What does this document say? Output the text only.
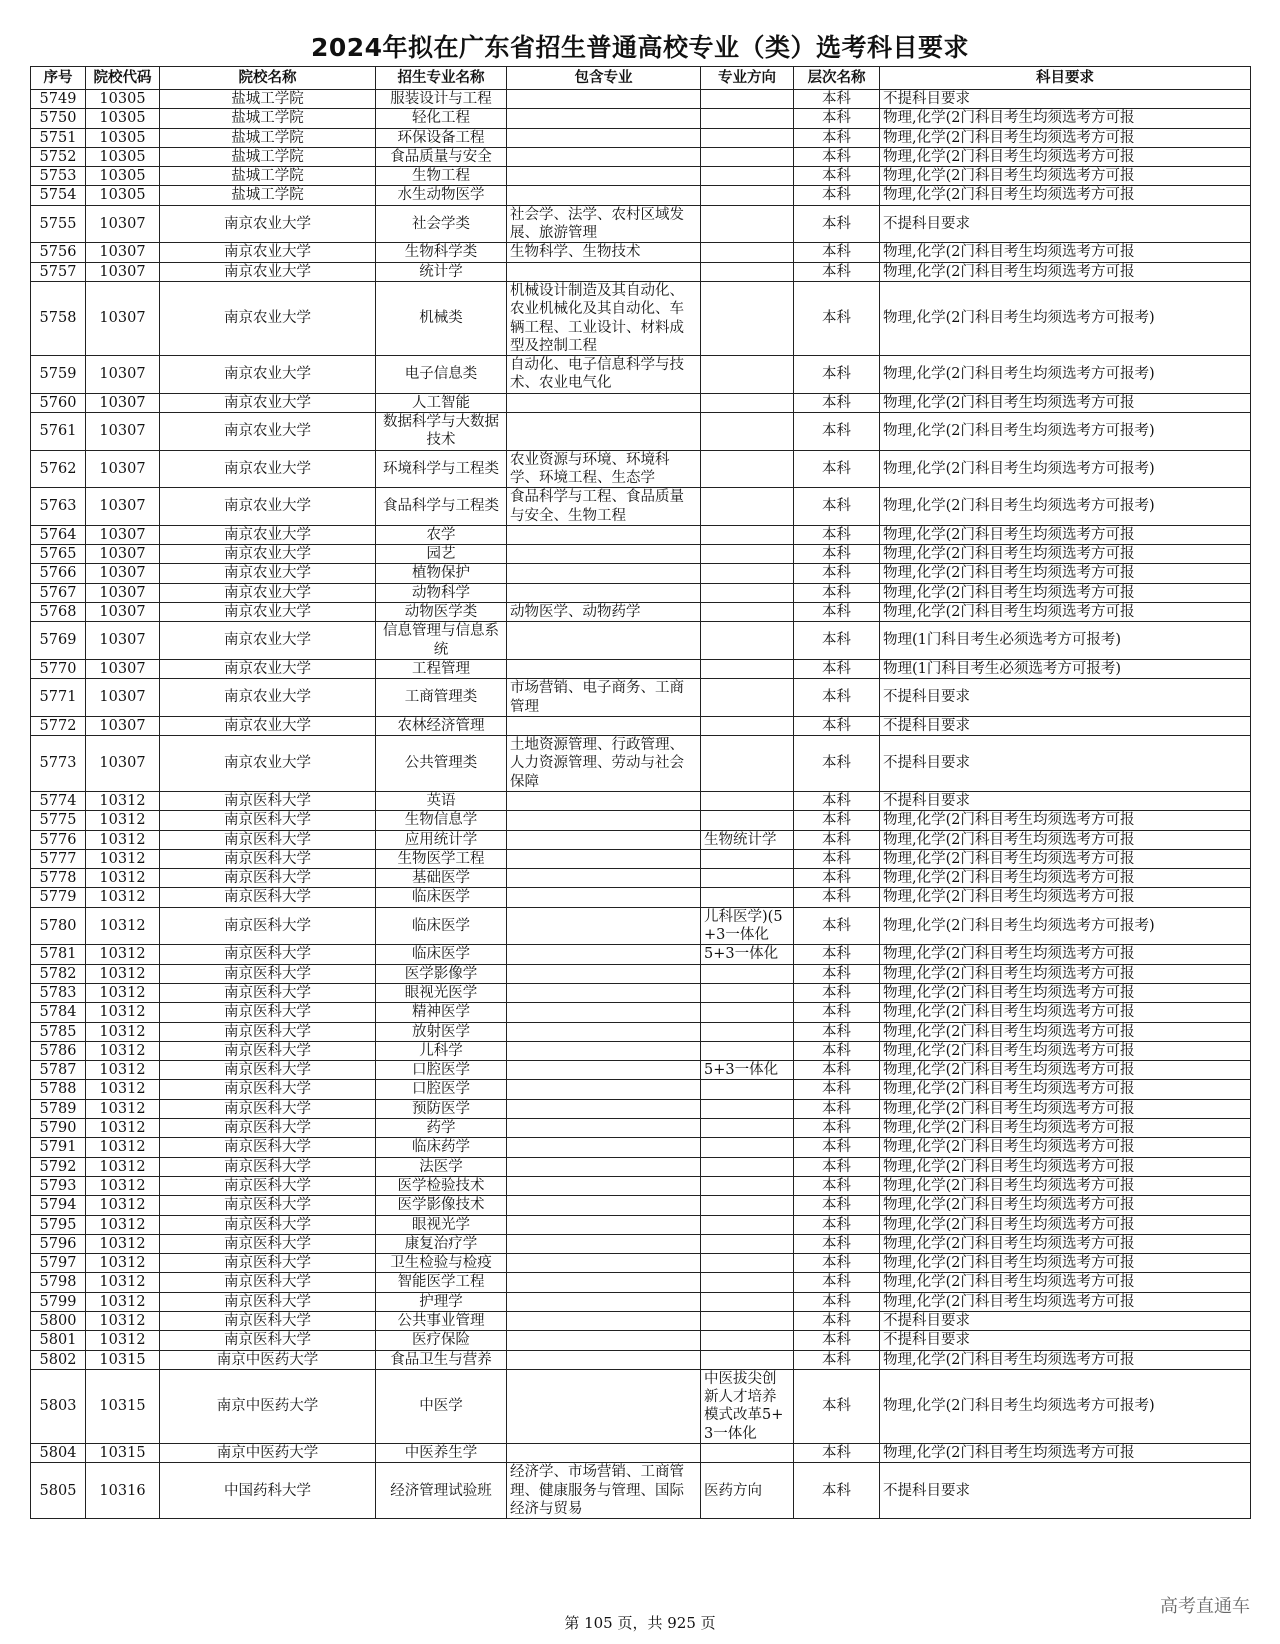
2024年拟在广东省招生普通高校专业（类）选考科目要求
序号	院校代码	院校名称	招生专业名称	包含专业	专业方向	层次名称	科目要求
5749	10305	盐城工学院	服装设计与工程			本科	不提科目要求
5750	10305	盐城工学院	轻化工程			本科	物理,化学(2门科目考生均须选考方可报
5751	10305	盐城工学院	环保设备工程			本科	物理,化学(2门科目考生均须选考方可报
5752	10305	盐城工学院	食品质量与安全			本科	物理,化学(2门科目考生均须选考方可报
5753	10305	盐城工学院	生物工程			本科	物理,化学(2门科目考生均须选考方可报
5754	10305	盐城工学院	水生动物医学			本科	物理,化学(2门科目考生均须选考方可报
5755	10307	南京农业大学	社会学类	社会学、法学、农村区域发展、旅游管理		本科	不提科目要求
5756	10307	南京农业大学	生物科学类	生物科学、生物技术		本科	物理,化学(2门科目考生均须选考方可报
5757	10307	南京农业大学	统计学			本科	物理,化学(2门科目考生均须选考方可报
5758	10307	南京农业大学	机械类	机械设计制造及其自动化、农业机械化及其自动化、车辆工程、工业设计、材料成型及控制工程		本科	物理,化学(2门科目考生均须选考方可报考)
5759	10307	南京农业大学	电子信息类	自动化、电子信息科学与技术、农业电气化		本科	物理,化学(2门科目考生均须选考方可报考)
5760	10307	南京农业大学	人工智能			本科	物理,化学(2门科目考生均须选考方可报
5761	10307	南京农业大学	数据科学与大数据技术			本科	物理,化学(2门科目考生均须选考方可报考)
5762	10307	南京农业大学	环境科学与工程类	农业资源与环境、环境科学、环境工程、生态学		本科	物理,化学(2门科目考生均须选考方可报考)
5763	10307	南京农业大学	食品科学与工程类	食品科学与工程、食品质量与安全、生物工程		本科	物理,化学(2门科目考生均须选考方可报考)
5764	10307	南京农业大学	农学			本科	物理,化学(2门科目考生均须选考方可报
5765	10307	南京农业大学	园艺			本科	物理,化学(2门科目考生均须选考方可报
5766	10307	南京农业大学	植物保护			本科	物理,化学(2门科目考生均须选考方可报
5767	10307	南京农业大学	动物科学			本科	物理,化学(2门科目考生均须选考方可报
5768	10307	南京农业大学	动物医学类	动物医学、动物药学		本科	物理,化学(2门科目考生均须选考方可报
5769	10307	南京农业大学	信息管理与信息系统			本科	物理(1门科目考生必须选考方可报考)
5770	10307	南京农业大学	工程管理			本科	物理(1门科目考生必须选考方可报考)
5771	10307	南京农业大学	工商管理类	市场营销、电子商务、工商管理		本科	不提科目要求
5772	10307	南京农业大学	农林经济管理			本科	不提科目要求
5773	10307	南京农业大学	公共管理类	土地资源管理、行政管理、人力资源管理、劳动与社会保障		本科	不提科目要求
5774	10312	南京医科大学	英语			本科	不提科目要求
5775	10312	南京医科大学	生物信息学			本科	物理,化学(2门科目考生均须选考方可报
5776	10312	南京医科大学	应用统计学		生物统计学	本科	物理,化学(2门科目考生均须选考方可报
5777	10312	南京医科大学	生物医学工程			本科	物理,化学(2门科目考生均须选考方可报
5778	10312	南京医科大学	基础医学			本科	物理,化学(2门科目考生均须选考方可报
5779	10312	南京医科大学	临床医学			本科	物理,化学(2门科目考生均须选考方可报
5780	10312	南京医科大学	临床医学		儿科医学)(5+3一体化	本科	物理,化学(2门科目考生均须选考方可报考)
5781	10312	南京医科大学	临床医学		5+3一体化	本科	物理,化学(2门科目考生均须选考方可报
5782	10312	南京医科大学	医学影像学			本科	物理,化学(2门科目考生均须选考方可报
5783	10312	南京医科大学	眼视光医学			本科	物理,化学(2门科目考生均须选考方可报
5784	10312	南京医科大学	精神医学			本科	物理,化学(2门科目考生均须选考方可报
5785	10312	南京医科大学	放射医学			本科	物理,化学(2门科目考生均须选考方可报
5786	10312	南京医科大学	儿科学			本科	物理,化学(2门科目考生均须选考方可报
5787	10312	南京医科大学	口腔医学		5+3一体化	本科	物理,化学(2门科目考生均须选考方可报
5788	10312	南京医科大学	口腔医学			本科	物理,化学(2门科目考生均须选考方可报
5789	10312	南京医科大学	预防医学			本科	物理,化学(2门科目考生均须选考方可报
5790	10312	南京医科大学	药学			本科	物理,化学(2门科目考生均须选考方可报
5791	10312	南京医科大学	临床药学			本科	物理,化学(2门科目考生均须选考方可报
5792	10312	南京医科大学	法医学			本科	物理,化学(2门科目考生均须选考方可报
5793	10312	南京医科大学	医学检验技术			本科	物理,化学(2门科目考生均须选考方可报
5794	10312	南京医科大学	医学影像技术			本科	物理,化学(2门科目考生均须选考方可报
5795	10312	南京医科大学	眼视光学			本科	物理,化学(2门科目考生均须选考方可报
5796	10312	南京医科大学	康复治疗学			本科	物理,化学(2门科目考生均须选考方可报
5797	10312	南京医科大学	卫生检验与检疫			本科	物理,化学(2门科目考生均须选考方可报
5798	10312	南京医科大学	智能医学工程			本科	物理,化学(2门科目考生均须选考方可报
5799	10312	南京医科大学	护理学			本科	物理,化学(2门科目考生均须选考方可报
5800	10312	南京医科大学	公共事业管理			本科	不提科目要求
5801	10312	南京医科大学	医疗保险			本科	不提科目要求
5802	10315	南京中医药大学	食品卫生与营养			本科	物理,化学(2门科目考生均须选考方可报
5803	10315	南京中医药大学	中医学		中医拔尖创新人才培养模式改革5+3一体化	本科	物理,化学(2门科目考生均须选考方可报考)
5804	10315	南京中医药大学	中医养生学			本科	物理,化学(2门科目考生均须选考方可报
5805	10316	中国药科大学	经济管理试验班	经济学、市场营销、工商管理、健康服务与管理、国际经济与贸易	医药方向	本科	不提科目要求
第 105 页，共 925 页
高考直通车
